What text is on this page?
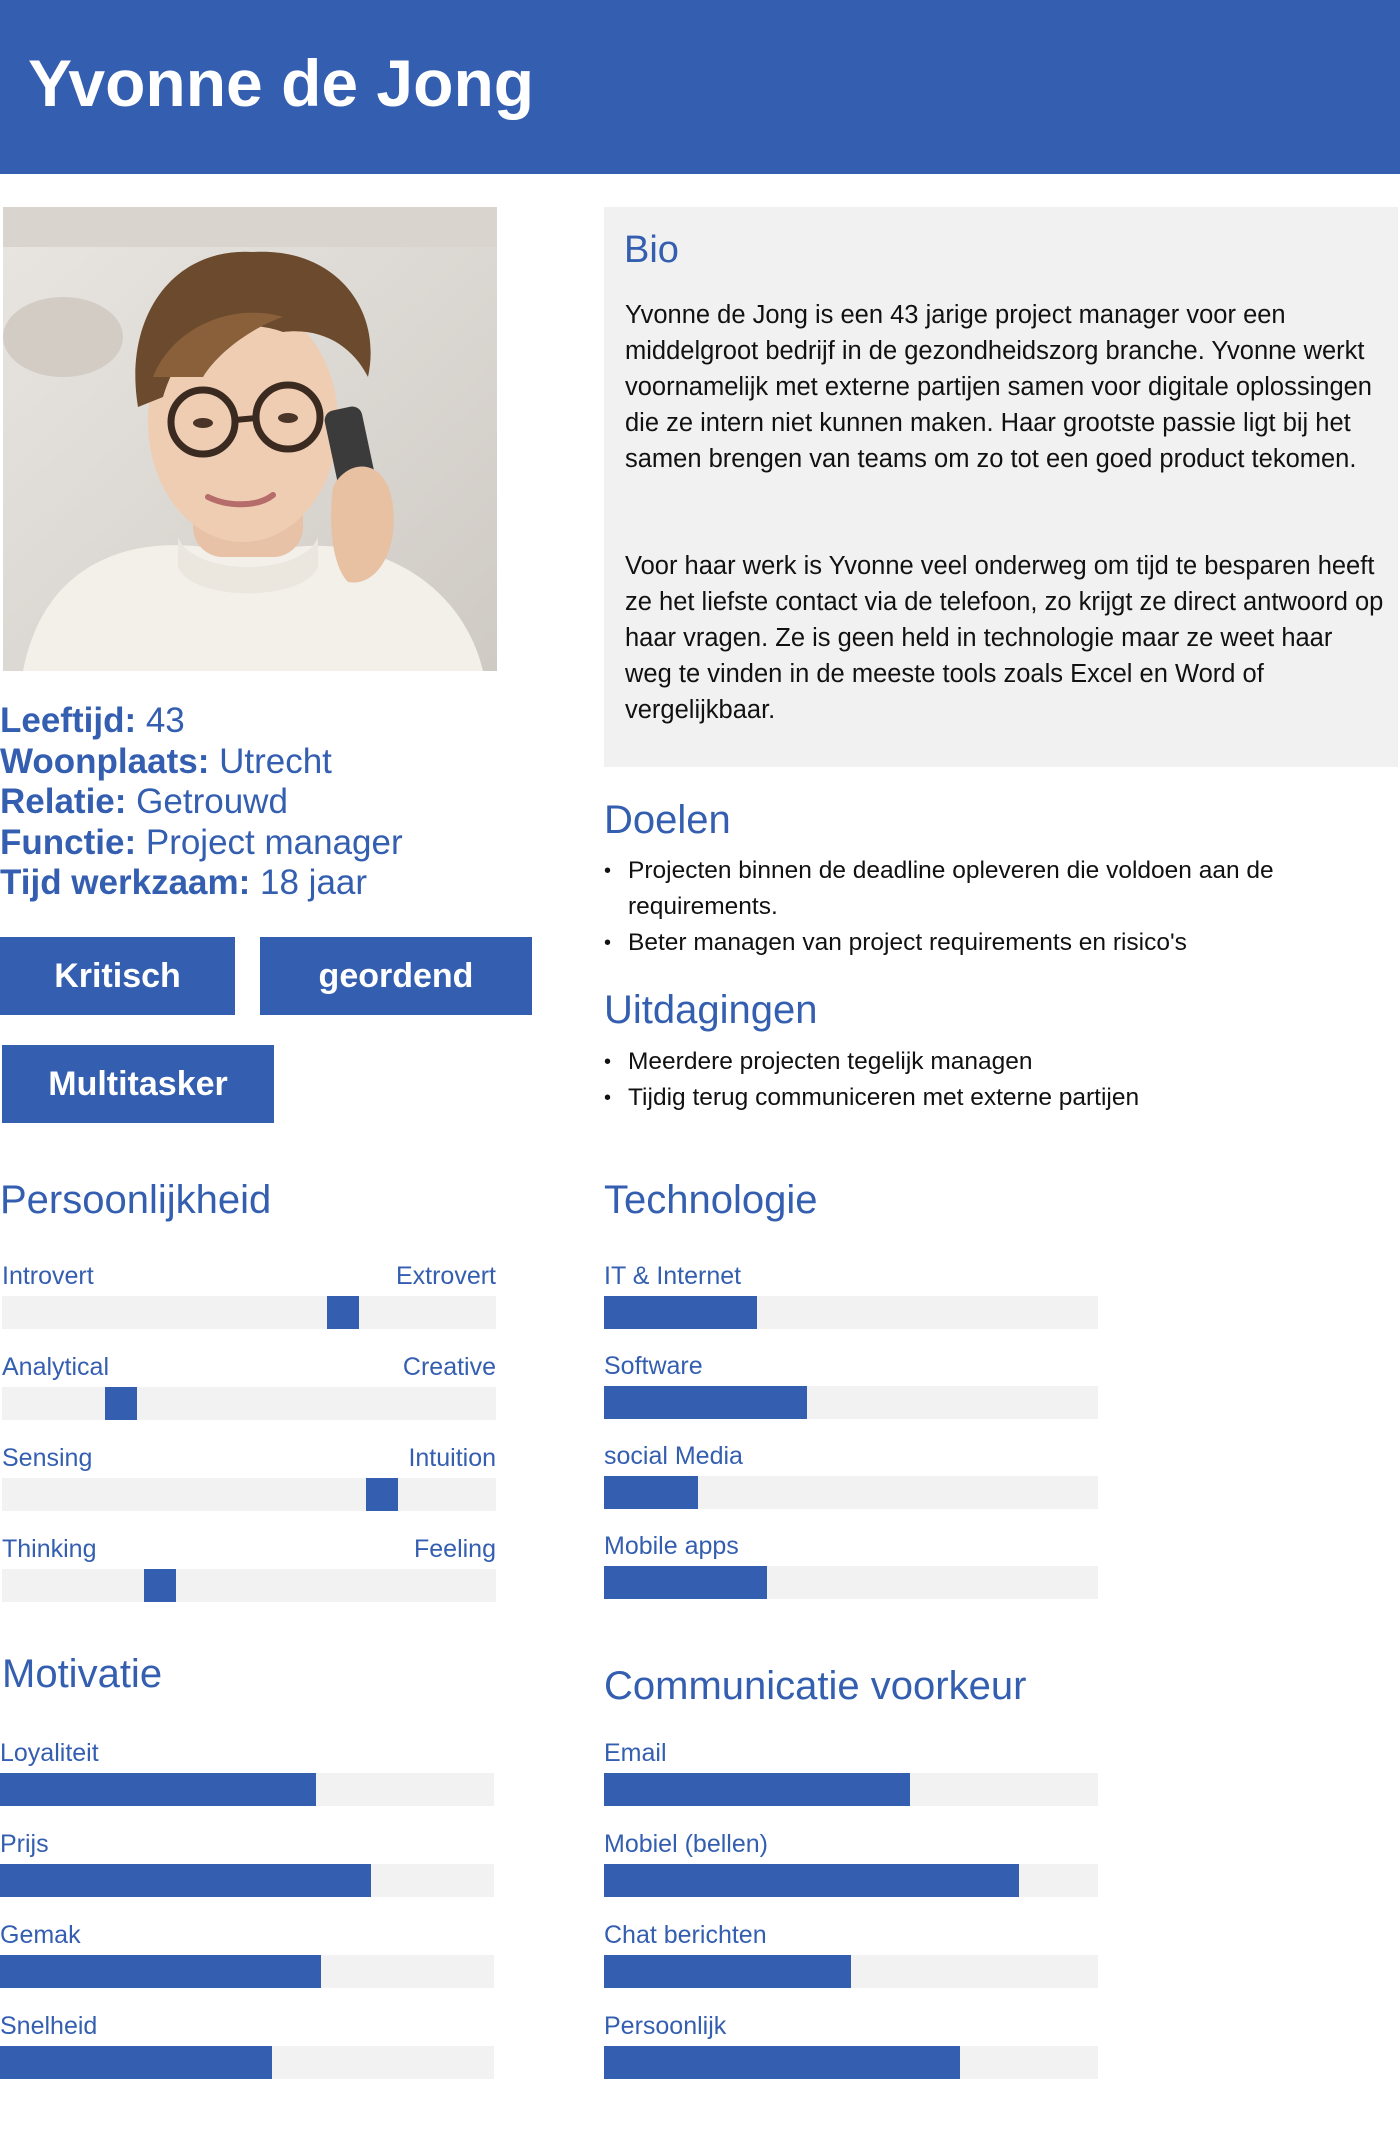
Yvonne de Jong
Leeftijd: 43
Woonplaats: Utrecht
Relatie: Getrouwd
Functie: Project manager
Tijd werkzaam: 18 jaar
Kritisch	geordend
Multitasker
Bio

Yvonne de Jong is een 43 jarige project manager voor een middelgroot bedrijf in de gezondheidszorg branche. Yvonne werkt voornamelijk met externe partijen samen voor digitale oplossingen die ze intern niet kunnen maken. Haar grootste passie ligt bij het samen brengen van teams om zo tot een goed product tekomen.

Voor haar werk is Yvonne veel onderweg om tijd te besparen heeft ze het liefste contact via de telefoon, zo krijgt ze direct antwoord op haar vragen. Ze is geen held in technologie maar ze weet haar weg te vinden in de meeste tools zoals Excel en Word of vergelijkbaar.

Doelen
• Projecten binnen de deadline opleveren die voldoen aan de requirements.
• Beter managen van project requirements en risico's
Uitdagingen
• Meerdere projecten tegelijk managen
• Tijdig terug communiceren met externe partijen
Persoonlijkheid
Introvert	Extrovert
Analytical	Creative
Sensing	Intuition
Thinking	Feeling
Technologie
IT & Internet
Software
social Media
Mobile apps
Motivatie
Loyaliteit
Prijs
Gemak
Snelheid
Communicatie voorkeur
Email
Mobiel (bellen)
Chat berichten
Persoonlijk
